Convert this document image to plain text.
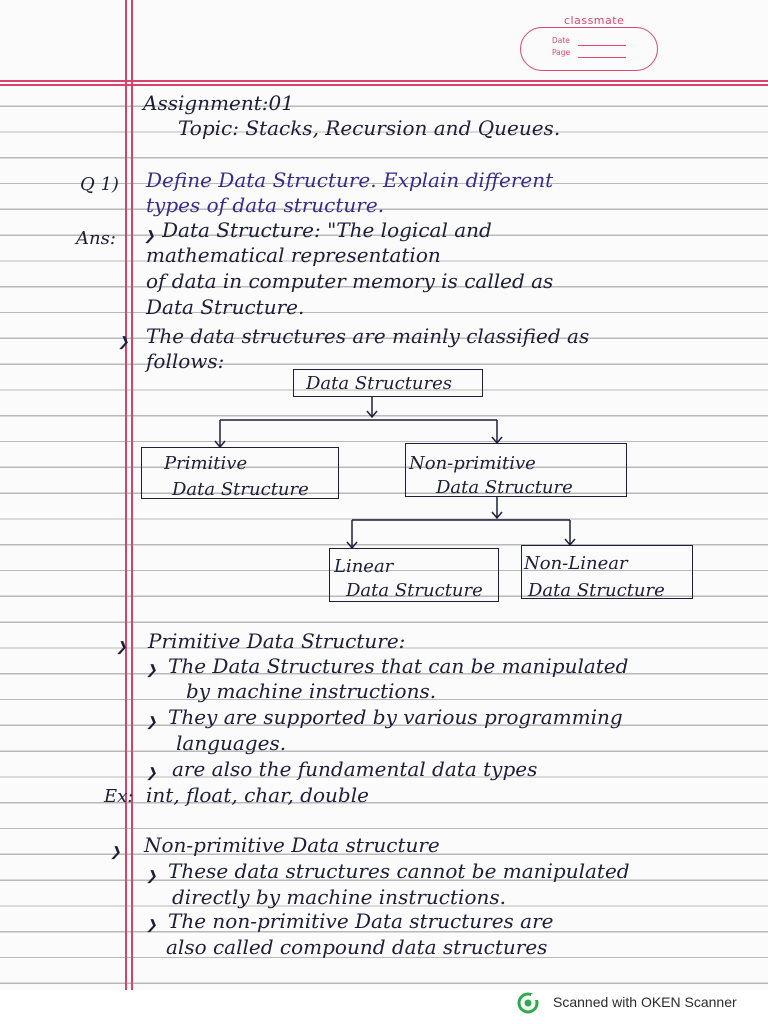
classmate
Date
Page
Assignment:01
Topic: Stacks, Recursion and Queues.
Q 1) Define Data Structure. Explain different
types of data structure.
Ans: ❯ Data Structure: "The logical and
mathematical representation
of data in computer memory is called as
Data Structure.
❯ The data structures are mainly classified as
follows:
Data Structures
Primitive
Data Structure
Non-primitive
Data Structure
Linear
Data Structure
Non-Linear
Data Structure
❯ Primitive Data Structure:
❯ The Data Structures that can be manipulated
by machine instructions.
❯ They are supported by various programming
languages.
❯ are also the fundamental data types
Ex: int, float, char, double
❯ Non-primitive Data structure
❯ These data structures cannot be manipulated
directly by machine instructions.
❯ The non-primitive Data structures are
also called compound data structures
Scanned with OKEN Scanner
